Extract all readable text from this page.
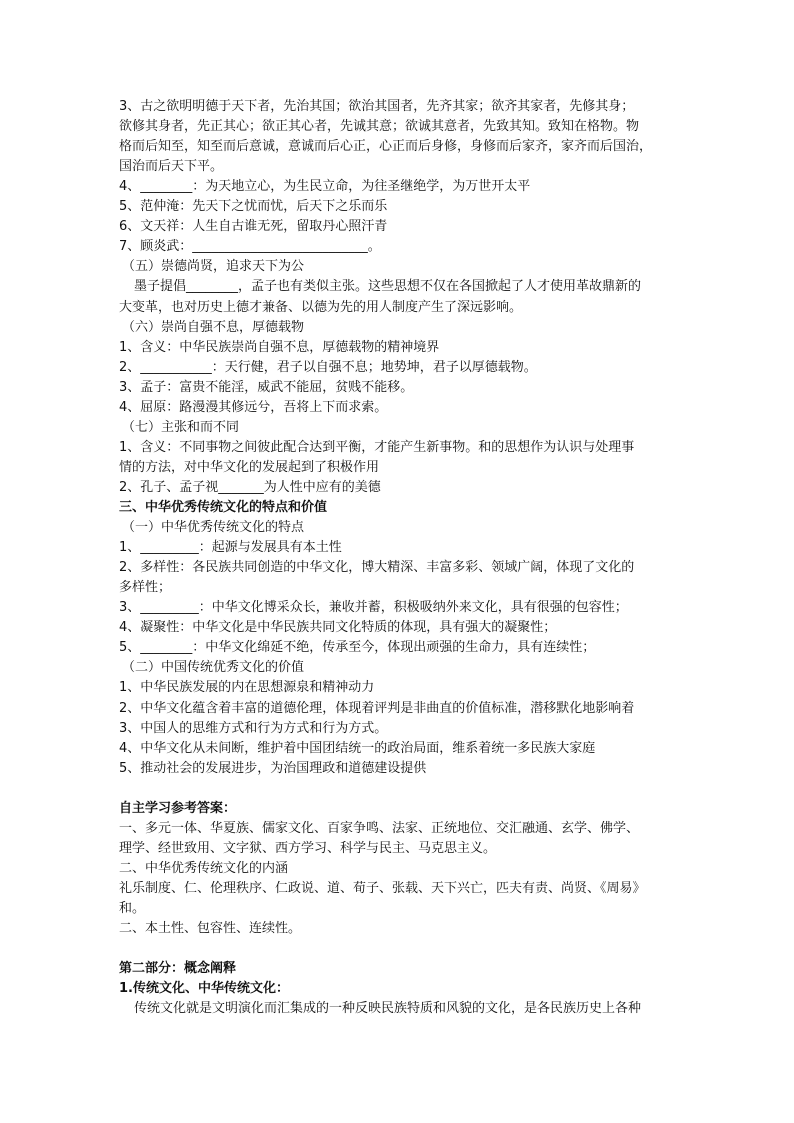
3、古之欲明明德于天下者，先治其国；欲治其国者，先齐其家；欲齐其家者，先修其身；
欲修其身者，先正其心；欲正其心者，先诚其意；欲诚其意者，先致其知。致知在格物。物
格而后知至，知至而后意诚，意诚而后心正，心正而后身修，身修而后家齐，家齐而后国治，
国治而后天下平。
4、________：为天地立心，为生民立命，为往圣继绝学，为万世开太平
5、范仲淹：先天下之忧而忧，后天下之乐而乐
6、文天祥：人生自古谁无死，留取丹心照汗青
7、顾炎武：___________________________。
（五）崇德尚贤，追求天下为公
墨子提倡________，孟子也有类似主张。这些思想不仅在各国掀起了人才使用革故鼎新的
大变革，也对历史上德才兼备、以德为先的用人制度产生了深远影响。
（六）崇尚自强不息，厚德载物
1、含义：中华民族崇尚自强不息，厚德载物的精神境界
2、___________：天行健，君子以自强不息；地势坤，君子以厚德载物。
3、孟子：富贵不能淫，威武不能屈，贫贱不能移。
4、屈原：路漫漫其修远兮，吾将上下而求索。
（七）主张和而不同
1、含义：不同事物之间彼此配合达到平衡，才能产生新事物。和的思想作为认识与处理事
情的方法，对中华文化的发展起到了积极作用
2、孔子、孟子视_______为人性中应有的美德
三、中华优秀传统文化的特点和价值
（一）中华优秀传统文化的特点
1、_________：起源与发展具有本土性
2、多样性：各民族共同创造的中华文化，博大精深、丰富多彩、领域广阔，体现了文化的
多样性；
3、_________：中华文化博采众长，兼收并蓄，积极吸纳外来文化，具有很强的包容性；
4、凝聚性：中华文化是中华民族共同文化特质的体现，具有强大的凝聚性；
5、________：中华文化绵延不绝，传承至今，体现出顽强的生命力，具有连续性；
（二）中国传统优秀文化的价值
1、中华民族发展的内在思想源泉和精神动力
2、中华文化蕴含着丰富的道德伦理，体现着评判是非曲直的价值标准，潜移默化地影响着
3、中国人的思维方式和行为方式和行为方式。
4、中华文化从未间断，维护着中国团结统一的政治局面，维系着统一多民族大家庭
5、推动社会的发展进步，为治国理政和道德建设提供
自主学习参考答案：
一、多元一体、华夏族、儒家文化、百家争鸣、法家、正统地位、交汇融通、玄学、佛学、
理学、经世致用、文字狱、西方学习、科学与民主、马克思主义。
二、中华优秀传统文化的内涵
礼乐制度、仁、伦理秩序、仁政说、道、荀子、张载、天下兴亡，匹夫有责、尚贤、《周易》
和。
二、本土性、包容性、连续性。
第二部分：概念阐释
1.传统文化、中华传统文化：
传统文化就是文明演化而汇集成的一种反映民族特质和风貌的文化，是各民族历史上各种
